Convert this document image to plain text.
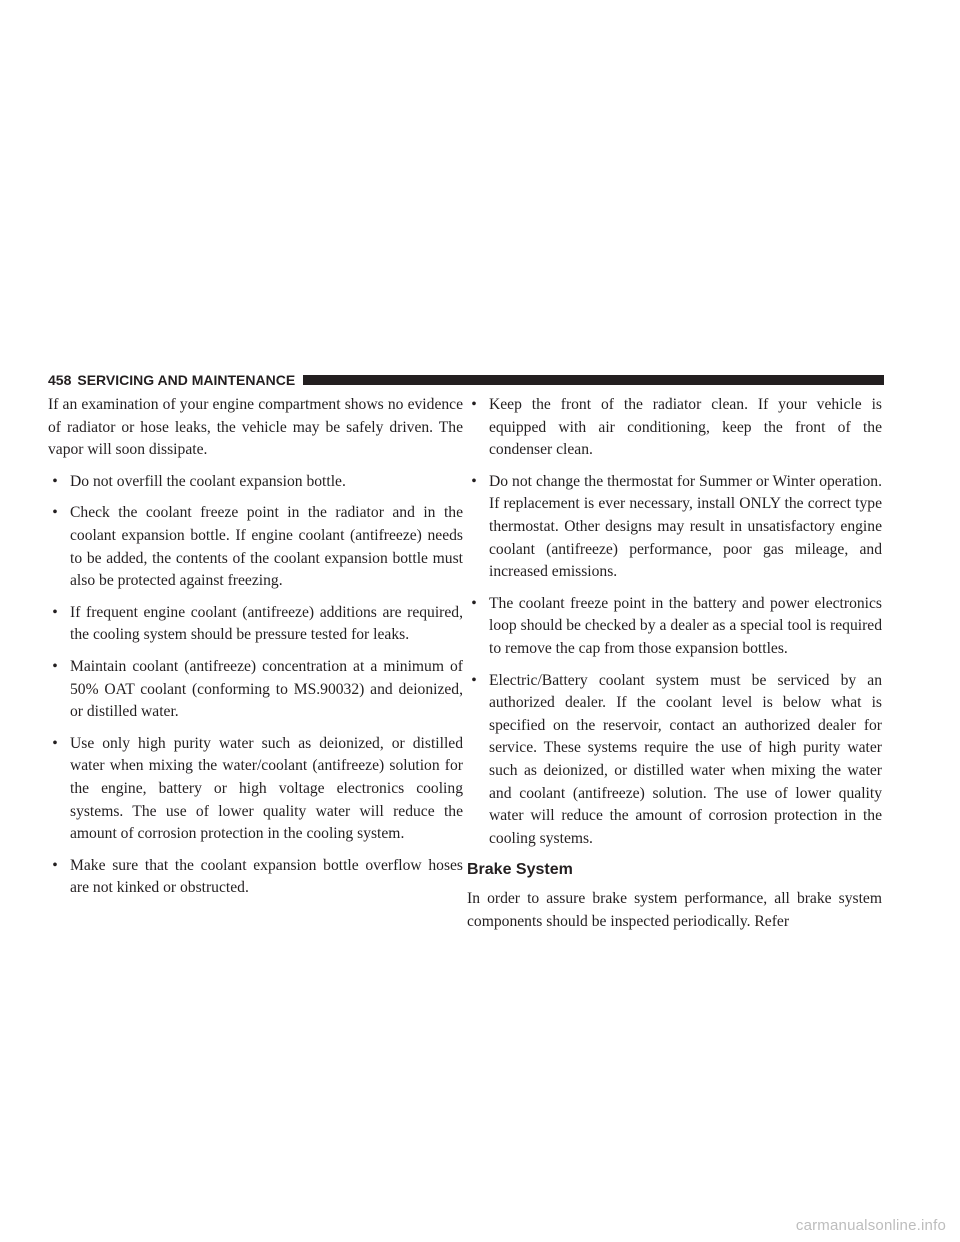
458 SERVICING AND MAINTENANCE

If an examination of your engine compartment shows no evidence of radiator or hose leaks, the vehicle may be safely driven. The vapor will soon dissipate.

• Do not overfill the coolant expansion bottle.
• Check the coolant freeze point in the radiator and in the coolant expansion bottle. If engine coolant (antifreeze) needs to be added, the contents of the coolant expansion bottle must also be protected against freezing.
• If frequent engine coolant (antifreeze) additions are required, the cooling system should be pressure tested for leaks.
• Maintain coolant (antifreeze) concentration at a minimum of 50% OAT coolant (conforming to MS.90032) and deionized, or distilled water.
• Use only high purity water such as deionized, or distilled water when mixing the water/coolant (antifreeze) solution for the engine, battery or high voltage electronics cooling systems. The use of lower quality water will reduce the amount of corrosion protection in the cooling system.
• Make sure that the coolant expansion bottle overflow hoses are not kinked or obstructed.
• Keep the front of the radiator clean. If your vehicle is equipped with air conditioning, keep the front of the condenser clean.
• Do not change the thermostat for Summer or Winter operation. If replacement is ever necessary, install ONLY the correct type thermostat. Other designs may result in unsatisfactory engine coolant (antifreeze) performance, poor gas mileage, and increased emissions.
• The coolant freeze point in the battery and power electronics loop should be checked by a dealer as a special tool is required to remove the cap from those expansion bottles.
• Electric/Battery coolant system must be serviced by an authorized dealer. If the coolant level is below what is specified on the reservoir, contact an authorized dealer for service. These systems require the use of high purity water such as deionized, or distilled water when mixing the water and coolant (antifreeze) solution. The use of lower quality water will reduce the amount of corrosion protection in the cooling systems.
Brake System

In order to assure brake system performance, all brake system components should be inspected periodically. Refer

carmanualsonline.info
